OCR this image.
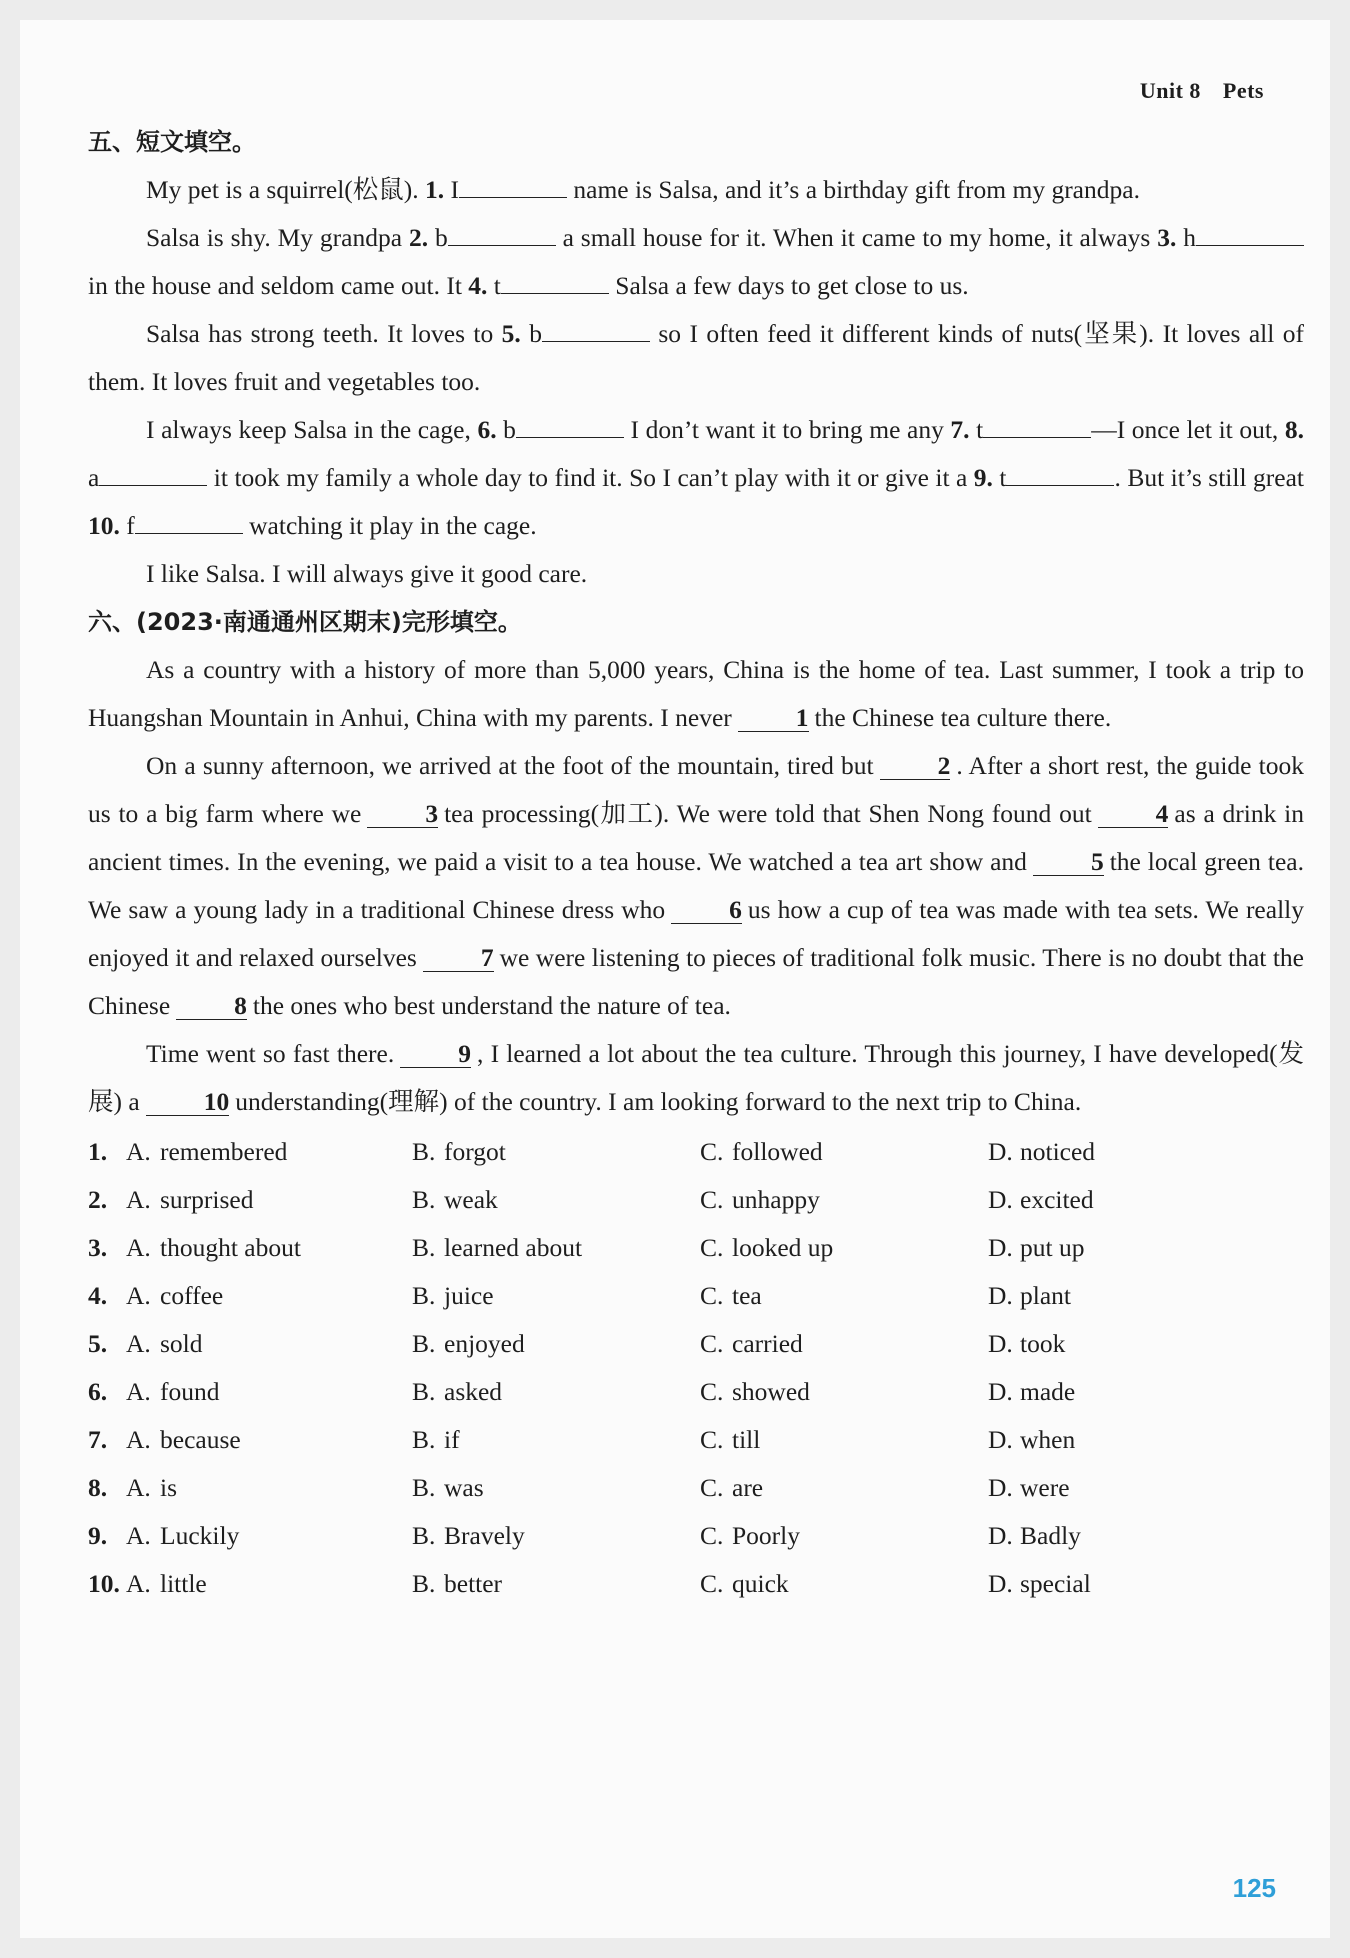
Unit 8 Pets
五、短文填空。

My pet is a squirrel(松鼠). 1. I	name is Salsa, and it’s a birthday gift from my grandpa.

Salsa is shy. My grandpa 2. b	a small house for it. When it came to my home, it always 3. h in the house and seldom came out. It 4. t	Salsa a few days to get close to us.

Salsa has strong teeth. It loves to 5. b	so I often feed it different kinds of nuts(坚果). It loves all of them. It loves fruit and vegetables too.

I always keep Salsa in the cage, 6. b	I don’t want it to bring me any 7. t	—I once let it out, 8. a	it took my family a whole day to find it. So I can’t play with it or give it a 9. t	. But it’s still great 10. f	watching it play in the cage.

I like Salsa. I will always give it good care.

六、(2023·南通通州区期末)完形填空。

As a country with a history of more than 5,000 years, China is the home of tea. Last summer, I took a trip to Huangshan Mountain in Anhui, China with my parents. I never	1 the Chinese tea culture there.

On a sunny afternoon, we arrived at the foot of the mountain, tired but	2 . After a short rest, the guide took us to a big farm where we	3 tea processing(加工). We were told that Shen Nong found out	4 as a drink in ancient times. In the evening, we paid a visit to a tea house. We watched a tea art show and	5 the local green tea. We saw a young lady in a traditional Chinese dress who	6 us how a cup of tea was made with tea sets. We really enjoyed it and relaxed ourselves	7 we were listening to pieces of traditional folk music. There is no doubt that the Chinese	8 the ones who best understand the nature of tea.

Time went so fast there.	9 , I learned a lot about the tea culture. Through this journey, I have developed(发展) a	10 understanding(理解) of the country. I am looking forward to the next trip to China.

1. A. remembered	B. forgot	C. followed	D. noticed
2. A. surprised	B. weak	C. unhappy	D. excited
3. A. thought about	B. learned about	C. looked up	D. put up
4. A. coffee	B. juice	C. tea	D. plant
5. A. sold	B. enjoyed	C. carried	D. took
6. A. found	B. asked	C. showed	D. made
7. A. because	B. if	C. till	D. when
8. A. is	B. was	C. are	D. were
9. A. Luckily	B. Bravely	C. Poorly	D. Badly
10. A. little	B. better	C. quick	D. special
125
